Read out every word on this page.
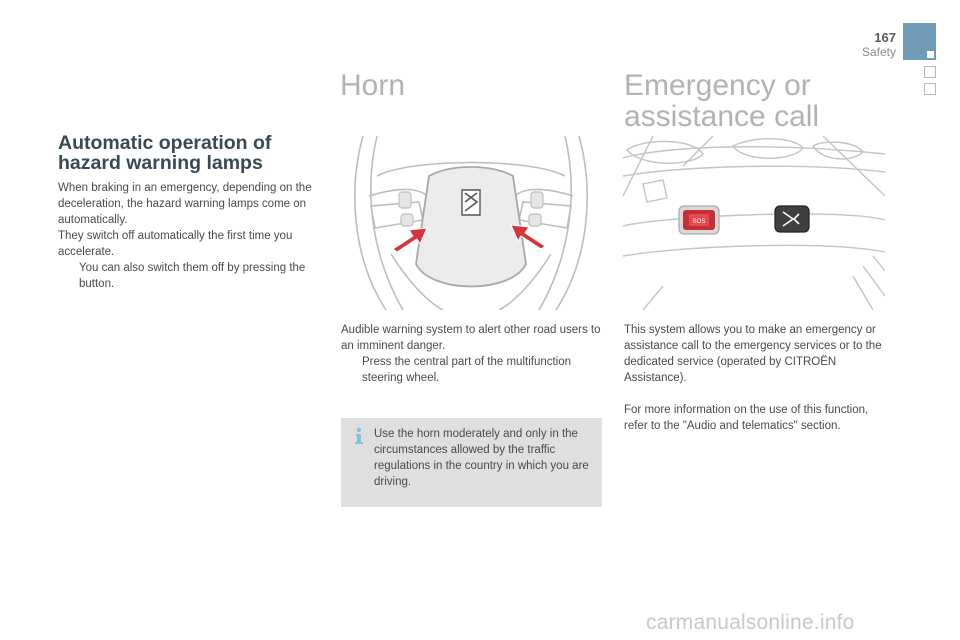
167
Safety
Automatic operation of
hazard warning lamps

When braking in an emergency, depending on the deceleration, the hazard warning lamps come on automatically.

They switch off automatically the first time you accelerate.

You can also switch them off by pressing the button.

Horn

Audible warning system to alert other road users to an imminent danger.

Press the central part of the multifunction steering wheel.

Use the horn moderately and only in the circumstances allowed by the traffic regulations in the country in which you are driving.

Emergency or
assistance call
SOS

This system allows you to make an emergency or assistance call to the emergency services or to the dedicated service (operated by CITROËN Assistance).

For more information on the use of this function, refer to the "Audio and telematics" section.

carmanualsonline.info
